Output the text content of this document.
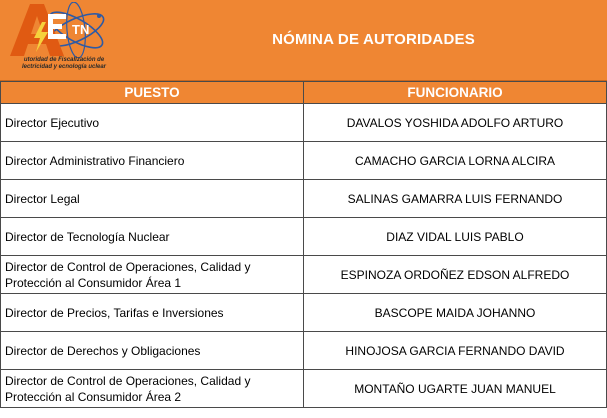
TN
utoridad de Fiscalización de
lectricidad y ecnología uclear
NÓMINA DE AUTORIDADES
PUESTO	FUNCIONARIO
Director Ejecutivo	DAVALOS YOSHIDA ADOLFO ARTURO
Director Administrativo Financiero	CAMACHO GARCIA LORNA ALCIRA
Director Legal	SALINAS GAMARRA LUIS FERNANDO
Director de Tecnología Nuclear	DIAZ VIDAL LUIS PABLO
Director de Control de Operaciones, Calidad y Protección al Consumidor Área 1	ESPINOZA ORDOÑEZ EDSON ALFREDO
Director de Precios, Tarifas e Inversiones	BASCOPE MAIDA JOHANNO
Director de Derechos y Obligaciones	HINOJOSA GARCIA FERNANDO DAVID
Director de Control de Operaciones, Calidad y Protección al Consumidor Área 2	MONTAÑO UGARTE JUAN MANUEL
